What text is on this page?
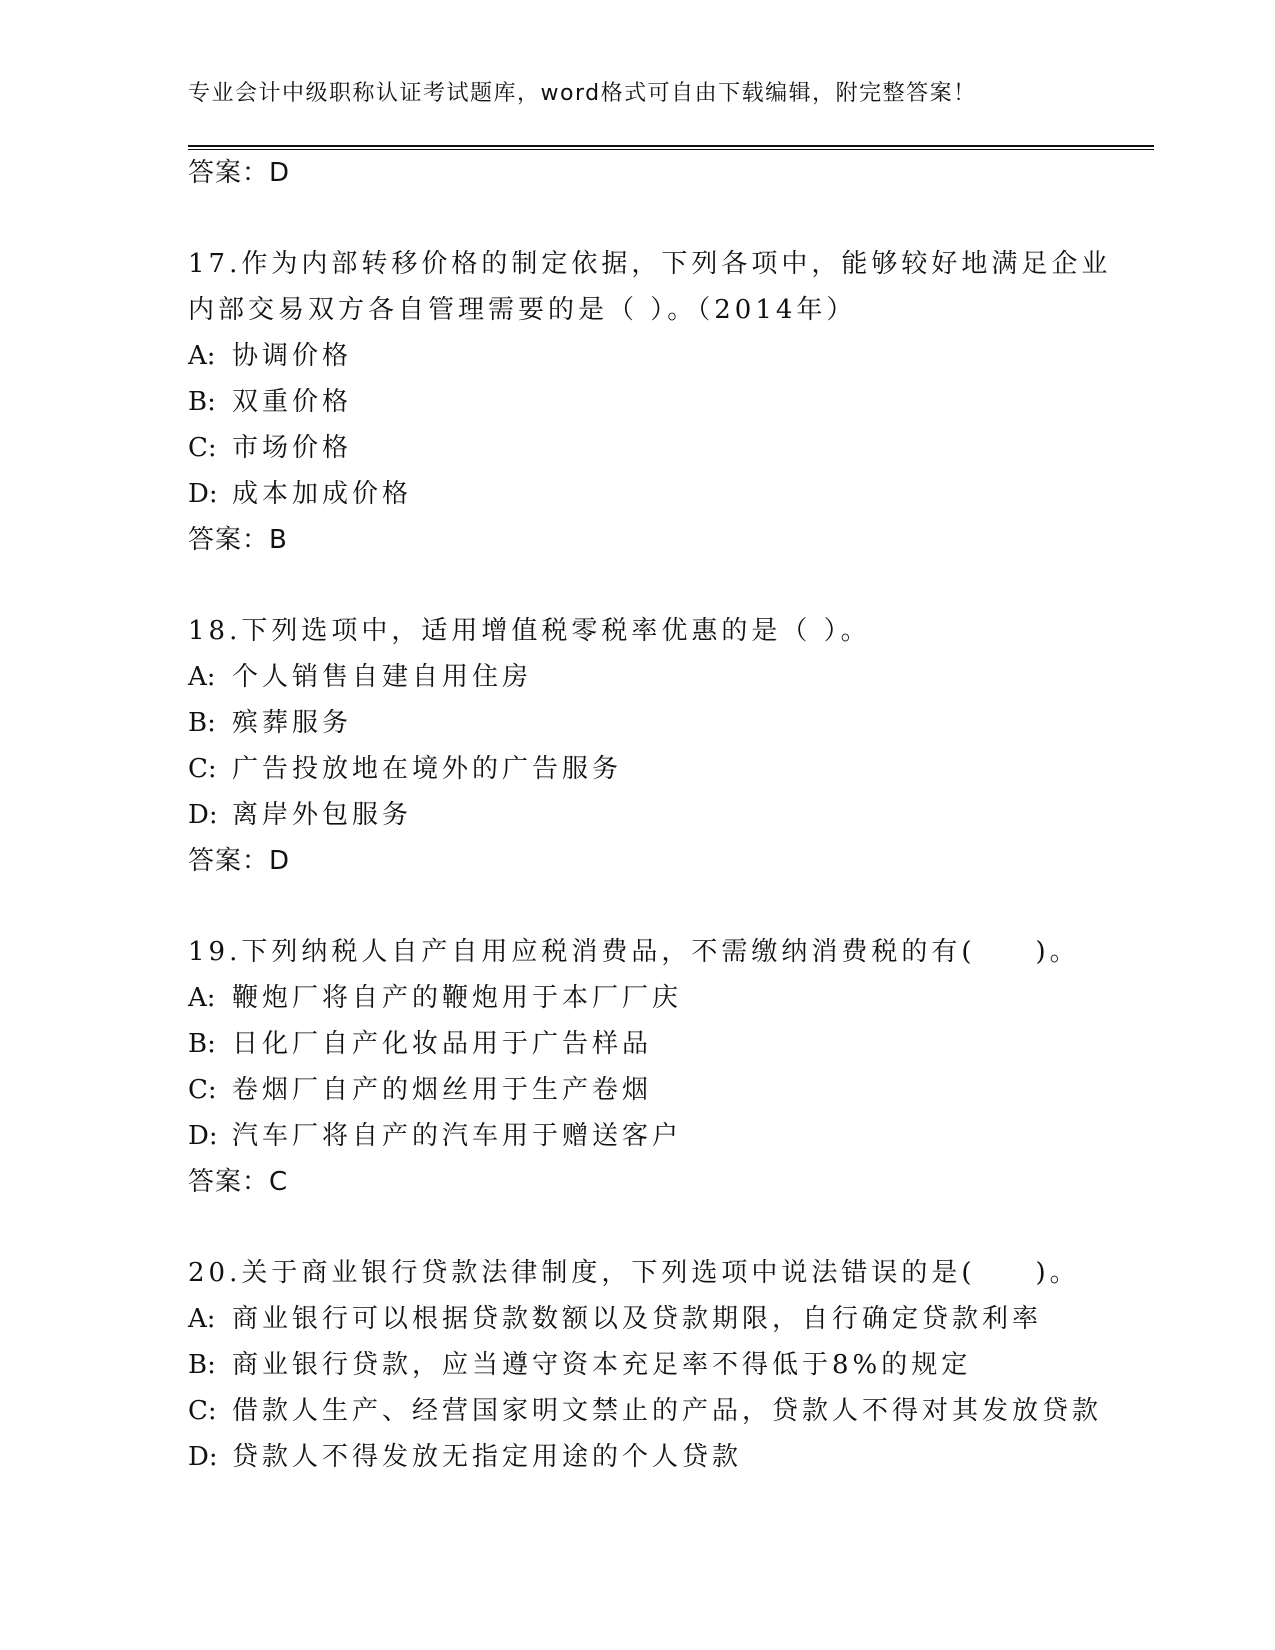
专业会计中级职称认证考试题库，word格式可自由下载编辑，附完整答案！
答案：D
17.作为内部转移价格的制定依据，下列各项中，能够较好地满足企业
内部交易双方各自管理需要的是（ ）。（2014年）
A: 协调价格
B: 双重价格
C: 市场价格
D: 成本加成价格
答案：B
18.下列选项中，适用增值税零税率优惠的是（ ）。
A: 个人销售自建自用住房
B: 殡葬服务
C: 广告投放地在境外的广告服务
D: 离岸外包服务
答案：D
19.下列纳税人自产自用应税消费品，不需缴纳消费税的有(　　)。
A: 鞭炮厂将自产的鞭炮用于本厂厂庆
B: 日化厂自产化妆品用于广告样品
C: 卷烟厂自产的烟丝用于生产卷烟
D: 汽车厂将自产的汽车用于赠送客户
答案：C
20.关于商业银行贷款法律制度，下列选项中说法错误的是(　　)。
A: 商业银行可以根据贷款数额以及贷款期限，自行确定贷款利率
B: 商业银行贷款，应当遵守资本充足率不得低于8%的规定
C: 借款人生产、经营国家明文禁止的产品，贷款人不得对其发放贷款
D: 贷款人不得发放无指定用途的个人贷款
